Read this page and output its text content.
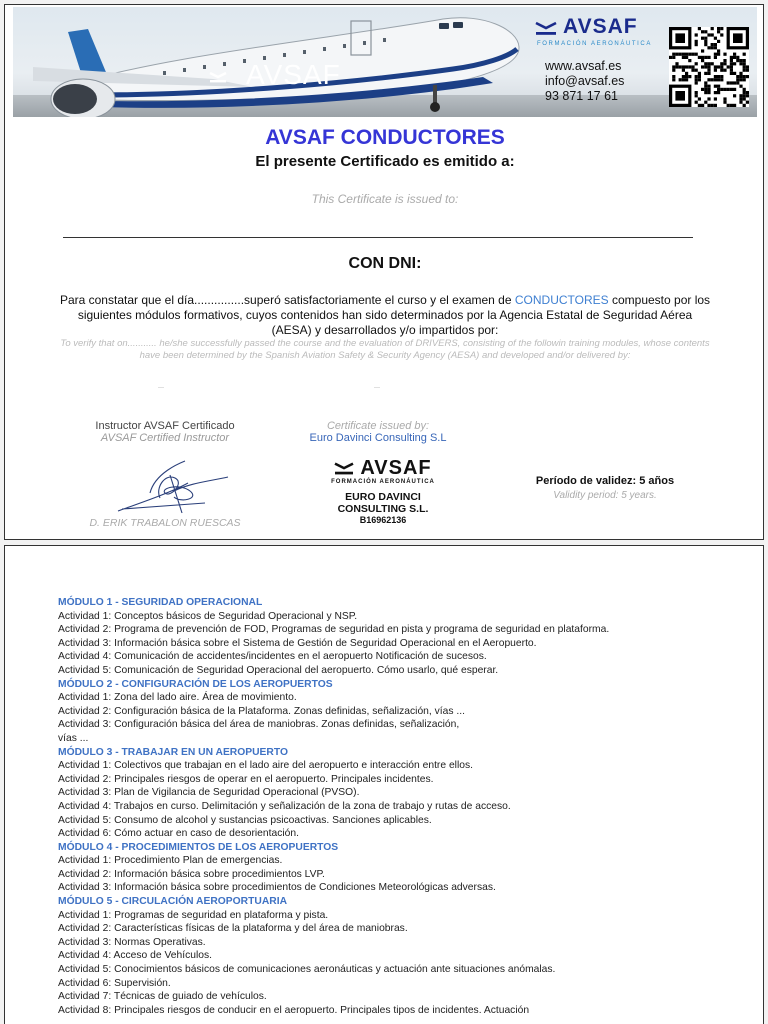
AVSAF
AVSAF
FORMACIÓN AERONÁUTICA
www.avsaf.es
info@avsaf.es
93 871 17 61
AVSAF CONDUCTORES
El presente Certificado es emitido a:
This Certificate is issued to:
CON DNI:
Para constatar que el día...............superó satisfactoriamente el curso y el examen de CONDUCTORES compuesto por los siguientes módulos formativos, cuyos contenidos han sido determinados por la Agencia Estatal de Seguridad Aérea (AESA) y desarrollados y/o impartidos por:
To verify that on........... he/she successfully passed the course and the evaluation of DRIVERS, consisting of the followin training modules, whose contents have been determined by the Spanish Aviation Safety & Security Agency (AESA) and developed and/or delivered by:
—	—
Instructor AVSAF Certificado
AVSAF Certified Instructor
D. ERIK TRABALON RUESCAS
Certificate issued by:
Euro Davinci Consulting S.L
AVSAF
FORMACIÓN AERONÁUTICA
EURO DAVINCI
CONSULTING S.L.
B16962136
Período de validez: 5 años
Validity period: 5 years.
MÓDULO 1 - SEGURIDAD OPERACIONAL
Actividad 1: Conceptos básicos de Seguridad Operacional y NSP.
Actividad 2: Programa de prevención de FOD, Programas de seguridad en pista y programa de seguridad en plataforma.
Actividad 3: Información básica sobre el Sistema de Gestión de Seguridad Operacional en el Aeropuerto.
Actividad 4: Comunicación de accidentes/incidentes en el aeropuerto Notificación de sucesos.
Actividad 5: Comunicación de Seguridad Operacional del aeropuerto. Cómo usarlo, qué esperar.
MÓDULO 2 - CONFIGURACIÓN DE LOS AEROPUERTOS
Actividad 1: Zona del lado aire. Área de movimiento.
Actividad 2: Configuración básica de la Plataforma. Zonas definidas, señalización, vías ...
Actividad 3: Configuración básica del área de maniobras. Zonas definidas, señalización,
vías ...
MÓDULO 3 - TRABAJAR EN UN AEROPUERTO
Actividad 1: Colectivos que trabajan en el lado aire del aeropuerto e interacción entre ellos.
Actividad 2: Principales riesgos de operar en el aeropuerto. Principales incidentes.
Actividad 3: Plan de Vigilancia de Seguridad Operacional (PVSO).
Actividad 4: Trabajos en curso. Delimitación y señalización de la zona de trabajo y rutas de acceso.
Actividad 5: Consumo de alcohol y sustancias psicoactivas. Sanciones aplicables.
Actividad 6: Cómo actuar en caso de desorientación.
MÓDULO 4 - PROCEDIMIENTOS DE LOS AEROPUERTOS
Actividad 1: Procedimiento Plan de emergencias.
Actividad 2: Información básica sobre procedimientos LVP.
Actividad 3: Información básica sobre procedimientos de Condiciones Meteorológicas adversas.
MÓDULO 5 - CIRCULACIÓN AEROPORTUARIA
Actividad 1: Programas de seguridad en plataforma y pista.
Actividad 2: Características físicas de la plataforma y del área de maniobras.
Actividad 3: Normas Operativas.
Actividad 4: Acceso de Vehículos.
Actividad 5: Conocimientos básicos de comunicaciones aeronáuticas y actuación ante situaciones anómalas.
Actividad 6: Supervisión.
Actividad 7: Técnicas de guiado de vehículos.
Actividad 8: Principales riesgos de conducir en el aeropuerto. Principales tipos de incidentes. Actuación
